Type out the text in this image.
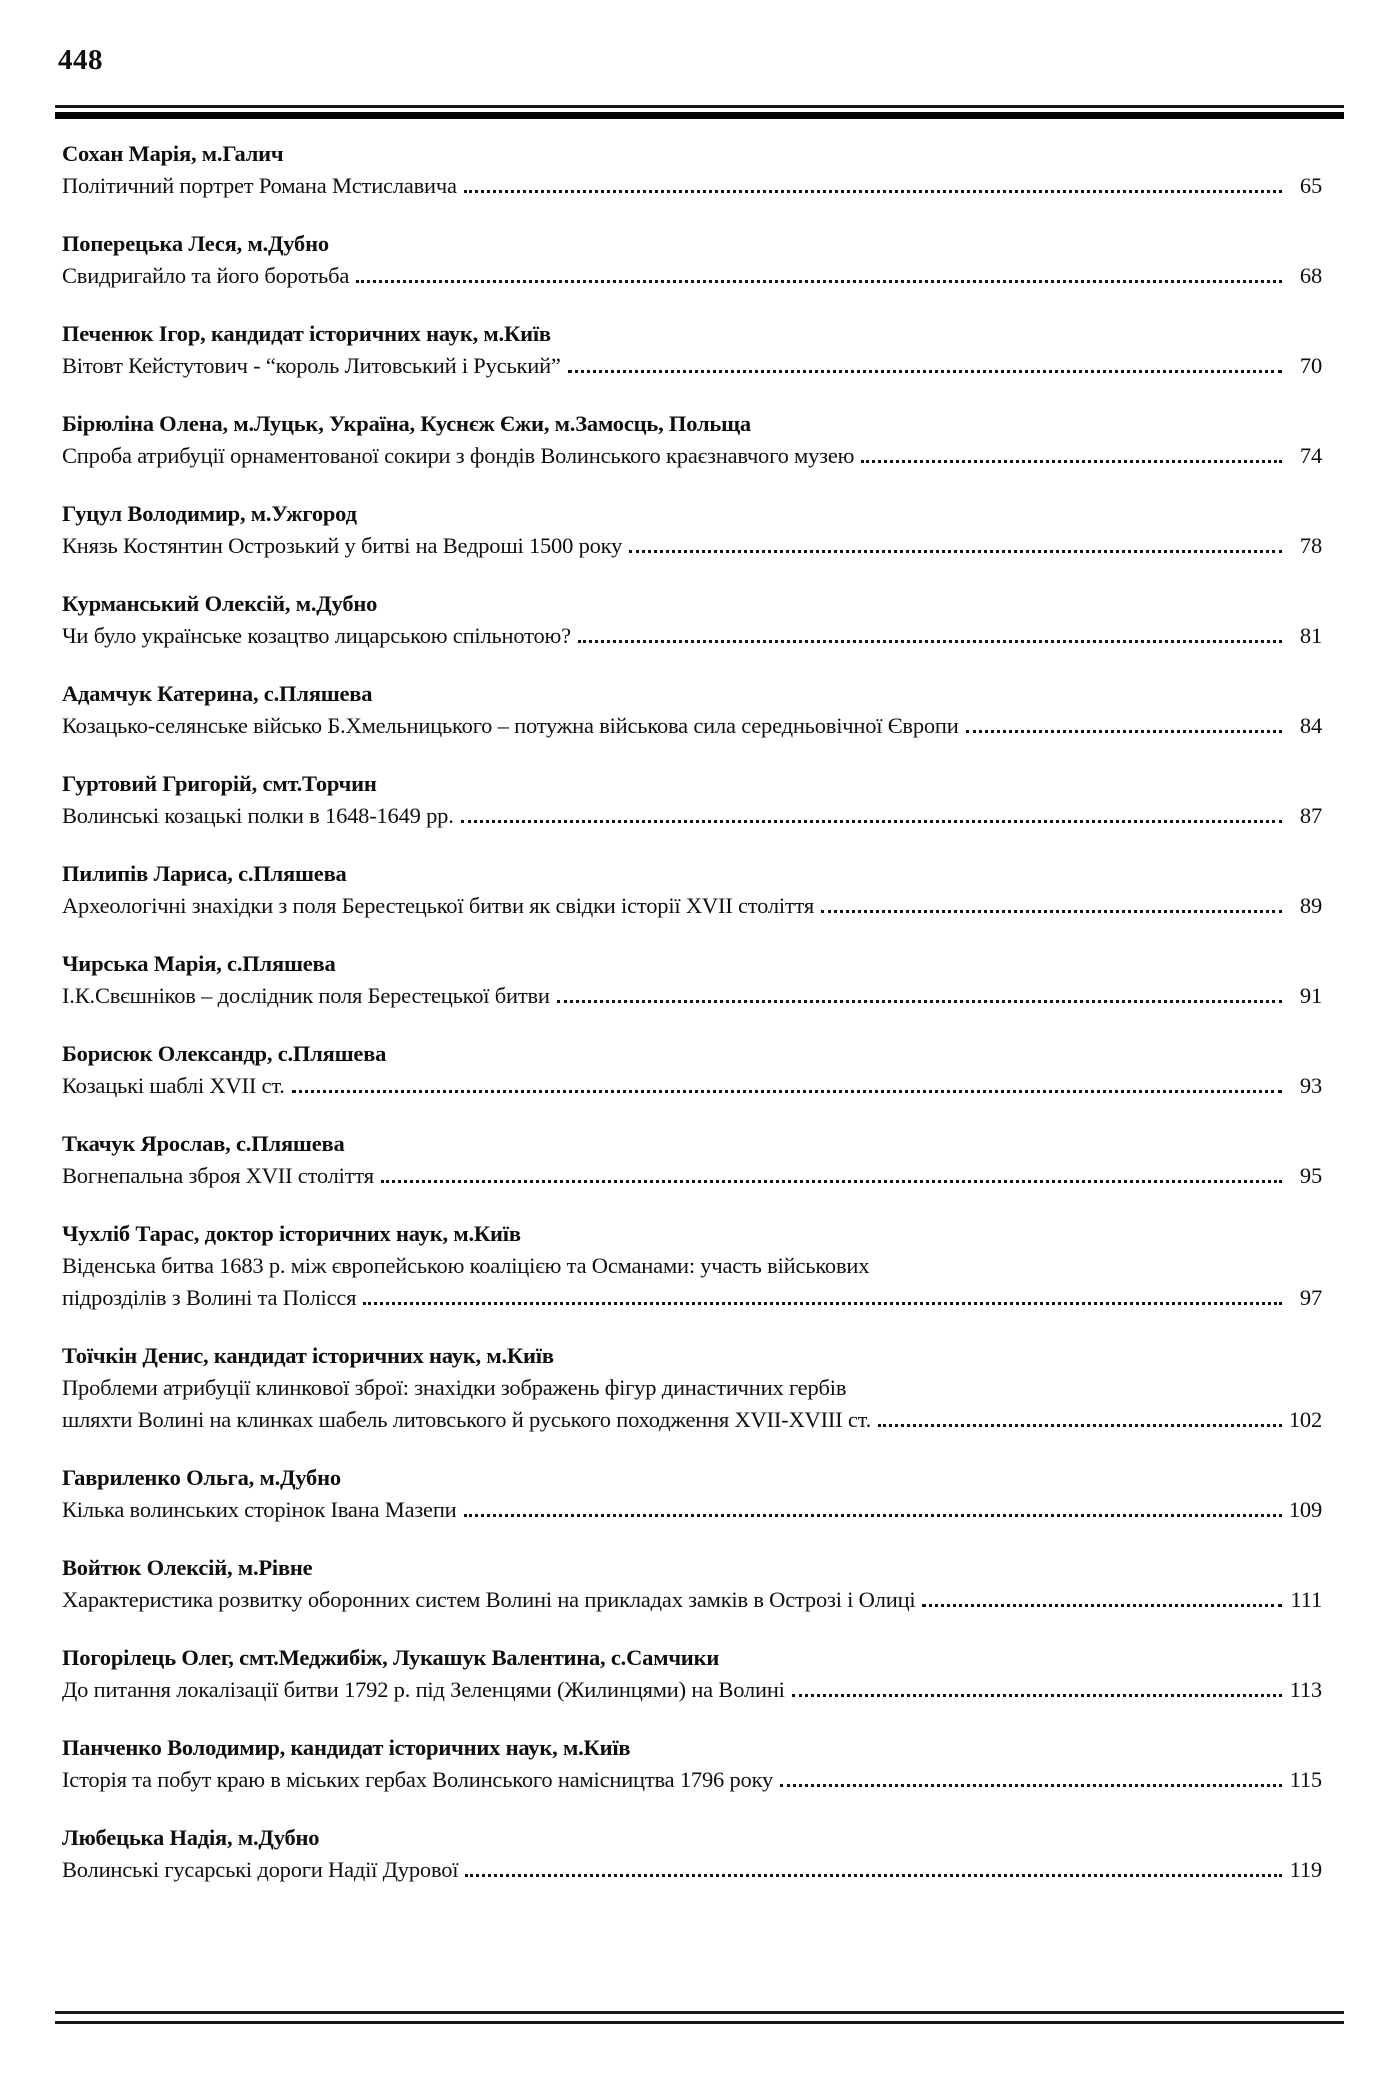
448
Сохан Марія, м.Галич
Політичний портрет Романа Мстиславича	65
Поперецька Леся, м.Дубно
Свидригайло та його боротьба	68
Печенюк Ігор, кандидат історичних наук, м.Київ
Вітовт Кейстутович - “король Литовський і Руський”	70
Бірюліна Олена, м.Луцьк, Україна, Куснєж Єжи, м.Замосць, Польща
Спроба атрибуції орнаментованої сокири з фондів Волинського краєзнавчого музею	74
Гуцул Володимир, м.Ужгород
Князь Костянтин Острозький у битві на Ведроші 1500 року	78
Курманський Олексій, м.Дубно
Чи було українське козацтво лицарською спільнотою?	81
Адамчук Катерина, с.Пляшева
Козацько-селянське військо Б.Хмельницького – потужна військова сила середньовічної Європи	84
Гуртовий Григорій, смт.Торчин
Волинські козацькі полки в 1648-1649 рр.	87
Пилипів Лариса, с.Пляшева
Археологічні знахідки з поля Берестецької битви як свідки історії XVII століття	89
Чирська Марія, с.Пляшева
І.К.Свєшніков – дослідник поля Берестецької битви	91
Борисюк Олександр, с.Пляшева
Козацькі шаблі XVII ст.	93
Ткачук Ярослав, с.Пляшева
Вогнепальна зброя XVII століття	95
Чухліб Тарас, доктор історичних наук, м.Київ
Віденська битва 1683 р. між європейською коаліцією та Османами: участь військових
підрозділів з Волині та Полісся	97
Тоїчкін Денис, кандидат історичних наук, м.Київ
Проблеми атрибуції клинкової зброї: знахідки зображень фігур династичних гербів
шляхти Волині на клинках шабель литовського й руського походження XVII-XVIII ст.	102
Гавриленко Ольга, м.Дубно
Кілька волинських сторінок Івана Мазепи	109
Войтюк Олексій, м.Рівне
Характеристика розвитку оборонних систем Волині на прикладах замків в Острозі і Олиці	111
Погорілець Олег, смт.Меджибіж, Лукашук Валентина, с.Самчики
До питання локалізації битви 1792 р. під Зеленцями (Жилинцями) на Волині	113
Панченко Володимир, кандидат історичних наук, м.Київ
Історія та побут краю в міських гербах Волинського намісництва 1796 року	115
Любецька Надія, м.Дубно
Волинські гусарські дороги Надії Дурової	119
